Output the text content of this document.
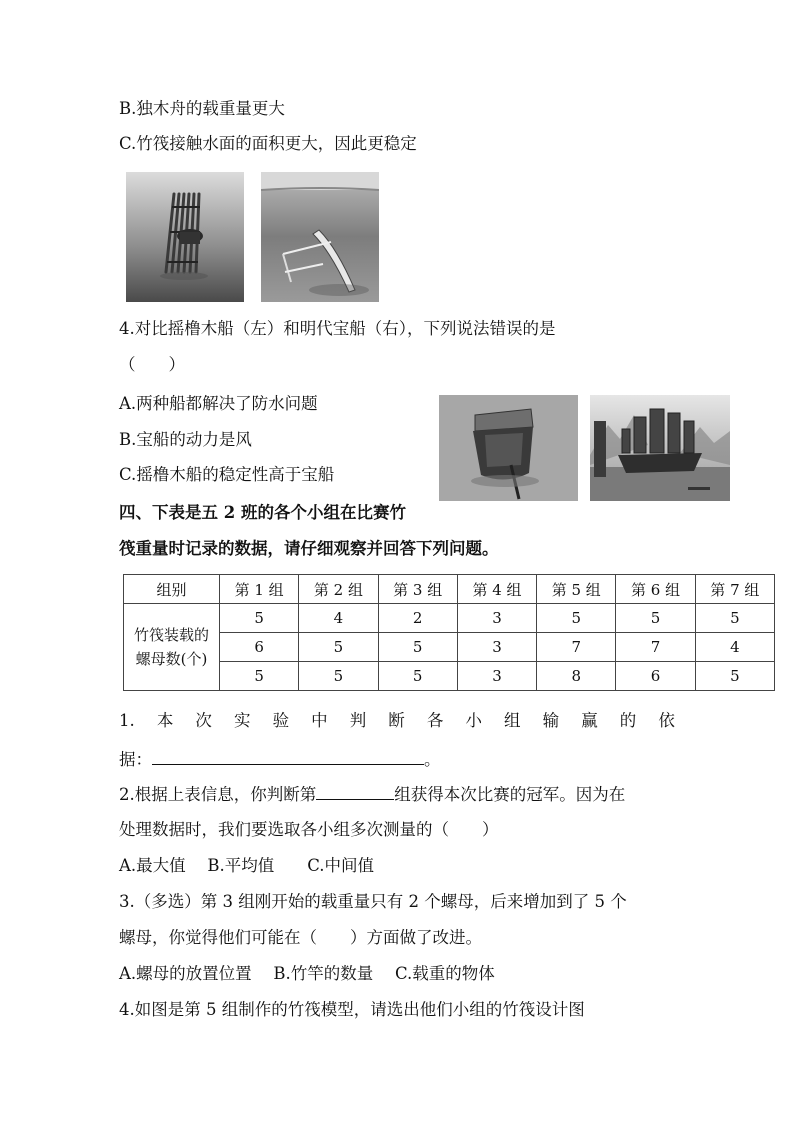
B.独木舟的载重量更大
C.竹筏接触水面的面积更大，因此更稳定
4.对比摇橹木船（左）和明代宝船（右），下列说法错误的是
（　　）
A.两种船都解决了防水问题
B.宝船的动力是风
C.摇橹木船的稳定性高于宝船
四、下表是五 2 班的各个小组在比赛竹
筏重量时记录的数据，请仔细观察并回答下列问题。
组别	第 1 组	第 2 组	第 3 组	第 4 组	第 5 组	第 6 组	第 7 组

竹筏装载的
螺母数(个)	5	4	2	3	5	5	5
	6	5	5	3	7	7	4
	5	5	5	3	8	6	5
1. 本 次 实 验 中 判 断 各 小 组 输 赢 的 依
据：	。
2.根据上表信息，你判断第	组获得本次比赛的冠军。因为在
处理数据时，我们要选取各小组多次测量的（　　）
A.最大值　 B.平均值　　C.中间值
3.（多选）第 3 组刚开始的载重量只有 2 个螺母，后来增加到了 5 个
螺母，你觉得他们可能在（　　）方面做了改进。
A.螺母的放置位置　 B.竹竿的数量　 C.载重的物体
4.如图是第 5 组制作的竹筏模型，请选出他们小组的竹筏设计图
